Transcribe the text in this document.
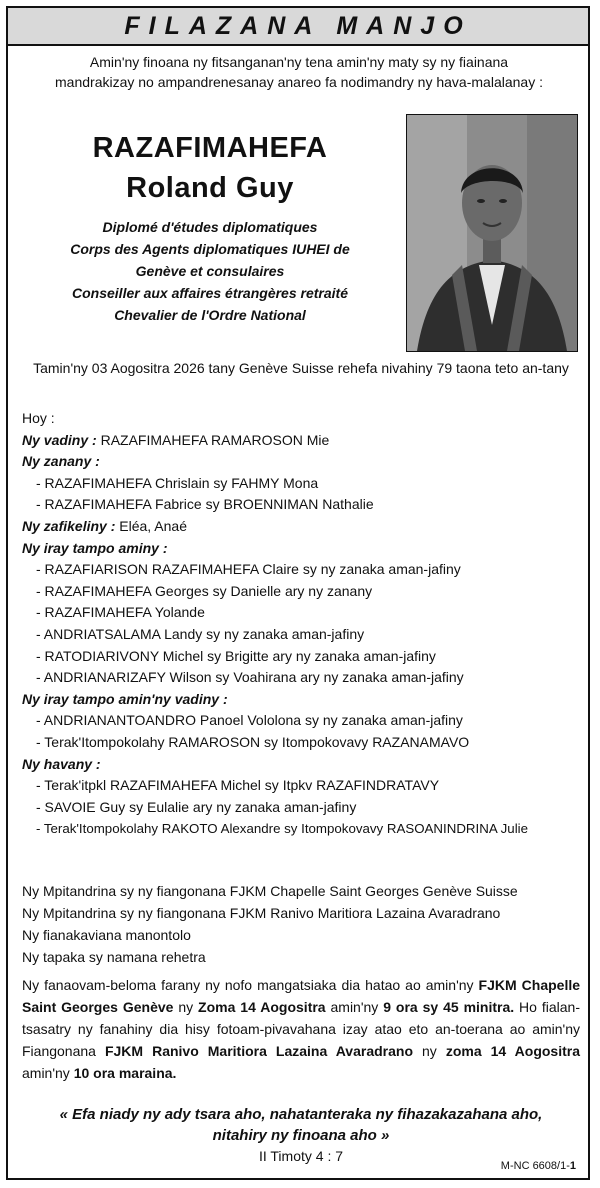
FILAZANA MANJO
Amin'ny finoana ny fitsanganan'ny tena amin'ny maty sy ny fiainana
mandrakizay no ampandrenesanay anareo fa nodimandry ny hava-malalanay :
RAZAFIMAHEFA
Roland Guy
Diplomé d'études diplomatiques
Corps des Agents diplomatiques IUHEI de
Genève et consulaires
Conseiller aux affaires étrangères retraité
Chevalier de l'Ordre National
Tamin'ny 03 Aogositra 2026 tany Genève Suisse rehefa nivahiny 79 taona teto an-tany
Hoy :
Ny vadiny : RAZAFIMAHEFA RAMAROSON Mie
Ny zanany :
- RAZAFIMAHEFA Chrislain sy FAHMY Mona
- RAZAFIMAHEFA Fabrice sy BROENNIMAN Nathalie
Ny zafikeliny : Eléa, Anaé
Ny iray tampo aminy :
- RAZAFIARISON RAZAFIMAHEFA Claire sy ny zanaka aman-jafiny
- RAZAFIMAHEFA Georges sy Danielle ary ny zanany
- RAZAFIMAHEFA Yolande
- ANDRIATSALAMA Landy sy ny zanaka aman-jafiny
- RATODIARIVONY Michel sy Brigitte ary ny zanaka aman-jafiny
- ANDRIANARIZAFY Wilson sy Voahirana ary ny zanaka aman-jafiny
Ny iray tampo amin'ny vadiny :
- ANDRIANANTOANDRO Panoel Vololona sy ny zanaka aman-jafiny
- Terak'Itompokolahy RAMAROSON sy Itompokovavy RAZANAMAVO
Ny havany :
- Terak'itpkl RAZAFIMAHEFA Michel sy Itpkv RAZAFINDRATAVY
- SAVOIE Guy sy Eulalie ary ny zanaka aman-jafiny
- Terak'Itompokolahy RAKOTO Alexandre sy Itompokovavy RASOANINDRINA Julie
Ny Mpitandrina sy ny fiangonana FJKM Chapelle Saint Georges Genève Suisse
Ny Mpitandrina sy ny fiangonana FJKM Ranivo Maritiora Lazaina Avaradrano
Ny fianakaviana manontolo
Ny tapaka sy namana rehetra
Ny fanaovam-beloma farany ny nofo mangatsiaka dia hatao ao amin'ny FJKM Chapelle Saint Georges Genève ny Zoma 14 Aogositra amin'ny 9 ora sy 45 minitra. Ho fialan-tsasatry ny fanahiny dia hisy fotoam-pivavahana izay atao eto an-toerana ao amin'ny Fiangonana FJKM Ranivo Maritiora Lazaina Avaradrano ny zoma 14 Aogositra amin'ny 10 ora maraina.
« Efa niady ny ady tsara aho, nahatanteraka ny fihazakazahana aho,
nitahiry ny finoana aho »
II Timoty 4 : 7
M-NC 6608/1-1
